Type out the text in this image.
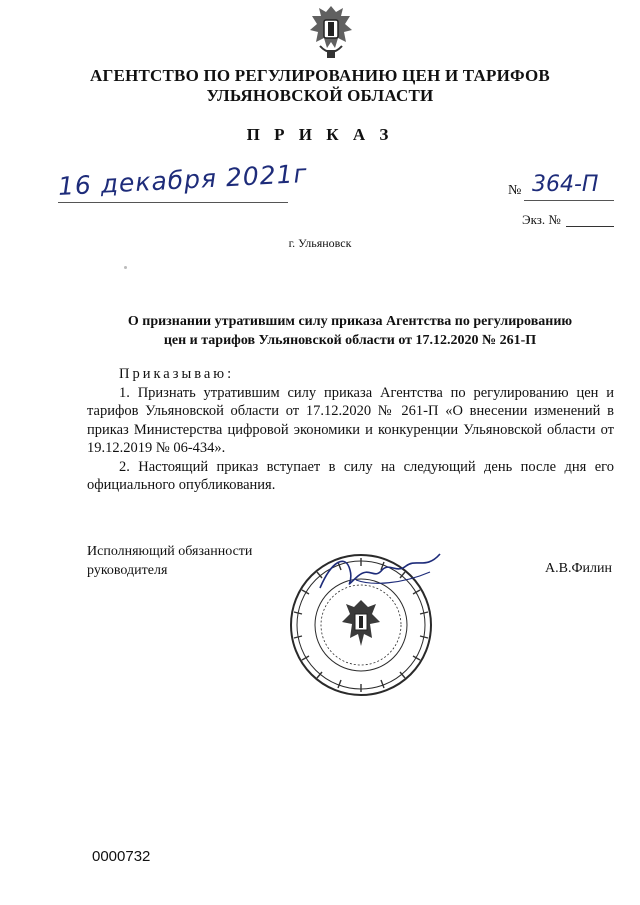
АГЕНТСТВО ПО РЕГУЛИРОВАНИЮ ЦЕН И ТАРИФОВ
УЛЬЯНОВСКОЙ ОБЛАСТИ
П Р И К А З
16 декабря 2021г	№ 364-П
Экз. №
г. Ульяновск
О признании утратившим силу приказа Агентства по регулированию
цен и тарифов Ульяновской области от 17.12.2020 № 261-П

Приказываю:

1. Признать утратившим силу приказа Агентства по регулированию цен и тарифов Ульяновской области от 17.12.2020 № 261-П «О внесении изменений в приказ Министерства цифровой экономики и конкуренции Ульяновской области от 19.12.2019 № 06-434».

2. Настоящий приказ вступает в силу на следующий день после дня его официального опубликования.

Исполняющий обязанности
руководителя	А.В.Филин
0000732
